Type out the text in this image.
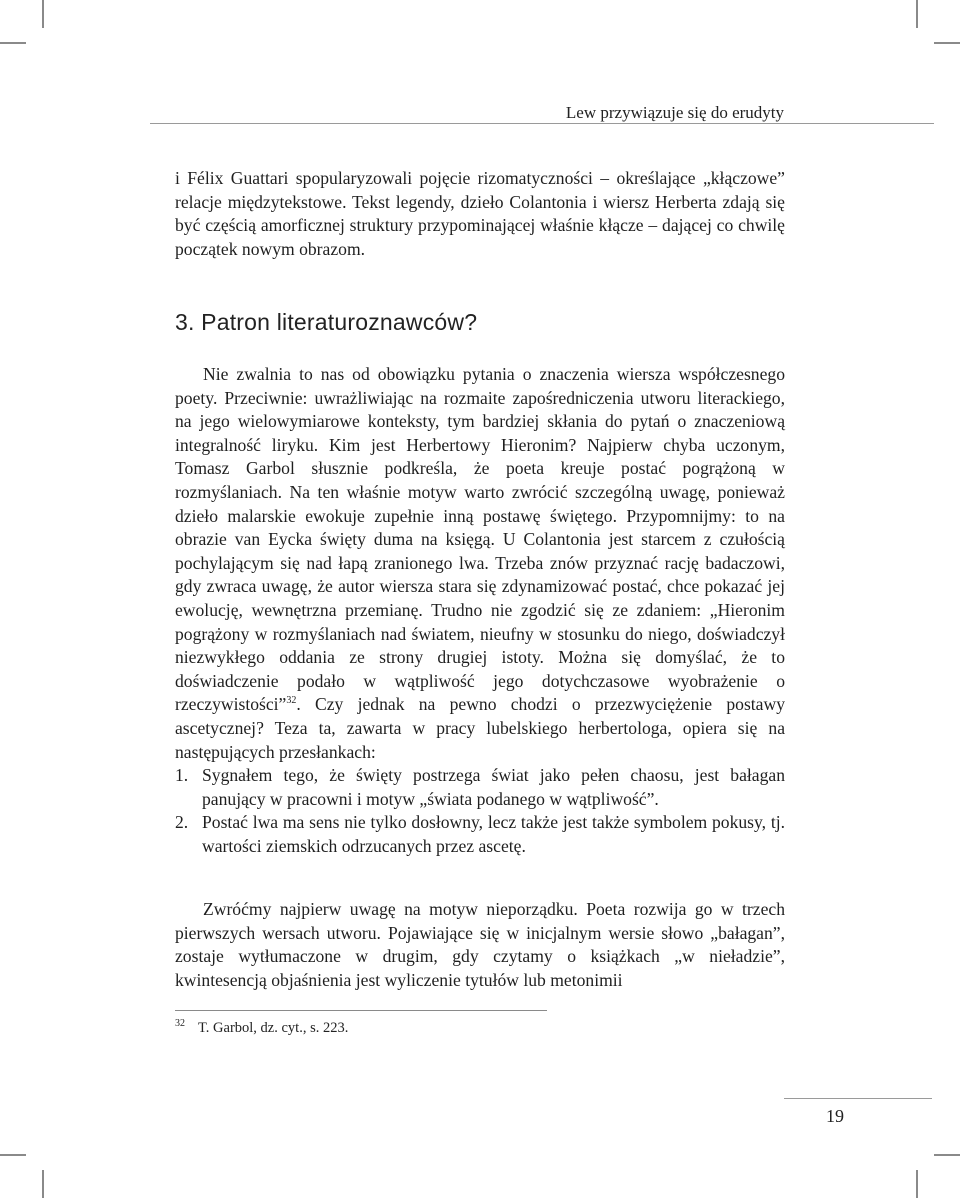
Lew przywiązuje się do erudyty
i Félix Guattari spopularyzowali pojęcie rizomatyczności – określające „kłączowe” relacje międzytekstowe. Tekst legendy, dzieło Colantonia i wiersz Herberta zdają się być częścią amorficznej struktury przypominającej właśnie kłącze – dającej co chwilę początek nowym obrazom.
3. Patron literaturoznawców?

Nie zwalnia to nas od obowiązku pytania o znaczenia wiersza współczesnego poety. Przeciwnie: uwrażliwiając na rozmaite zapośredniczenia utworu literackiego, na jego wielowymiarowe konteksty, tym bardziej skłania do pytań o znaczeniową integralność liryku. Kim jest Herbertowy Hieronim? Najpierw chyba uczonym, Tomasz Garbol słusznie podkreśla, że poeta kreuje postać pogrążoną w rozmyślaniach. Na ten właśnie motyw warto zwrócić szczególną uwagę, ponieważ dzieło malarskie ewokuje zupełnie inną postawę świętego. Przypomnijmy: to na obrazie van Eycka święty duma na księgą. U Colantonia jest starcem z czułością pochylającym się nad łapą zranionego lwa. Trzeba znów przyznać rację badaczowi, gdy zwraca uwagę, że autor wiersza stara się zdynamizować postać, chce pokazać jej ewolucję, wewnętrzna przemianę. Trudno nie zgodzić się ze zdaniem: „Hieronim pogrążony w rozmyślaniach nad światem, nieufny w stosunku do niego, doświadczył niezwykłego oddania ze strony drugiej istoty. Można się domyślać, że to doświadczenie podało w wątpliwość jego dotychczasowe wyobrażenie o rzeczywistości”$^{32}$. Czy jednak na pewno chodzi o przezwyciężenie postawy ascetycznej? Teza ta, zawarta w pracy lubelskiego herbertologa, opiera się na następujących przesłankach:

1. Sygnałem tego, że święty postrzega świat jako pełen chaosu, jest bałagan panujący w pracowni i motyw „świata podanego w wątpliwość”.
2. Postać lwa ma sens nie tylko dosłowny, lecz także jest także symbolem pokusy, tj. wartości ziemskich odrzucanych przez ascetę.

Zwróćmy najpierw uwagę na motyw nieporządku. Poeta rozwija go w trzech pierwszych wersach utworu. Pojawiające się w inicjalnym wersie słowo „bałagan”, zostaje wytłumaczone w drugim, gdy czytamy o książkach „w nieładzie”, kwintesencją objaśnienia jest wyliczenie tytułów lub metonimii

$^{32}$ T. Garbol, dz. cyt., s. 223.
19
